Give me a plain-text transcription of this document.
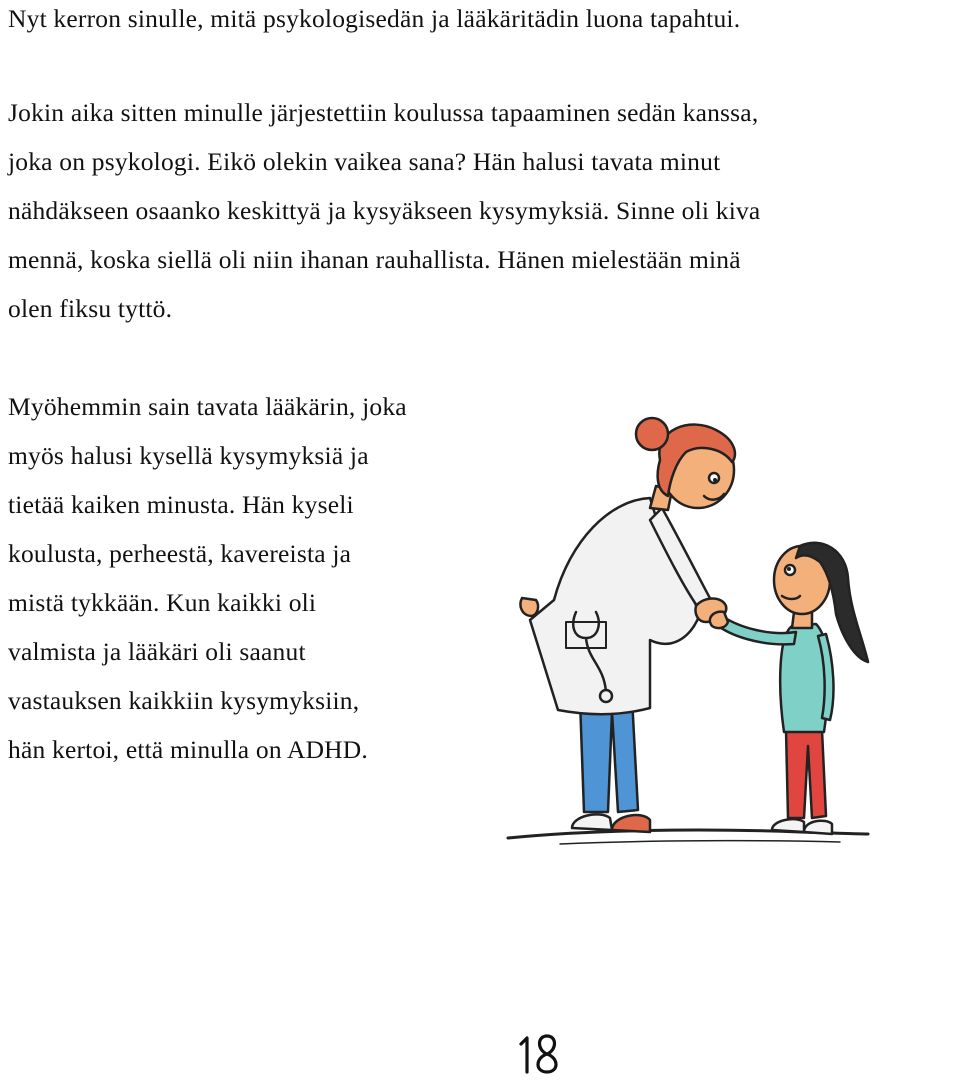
Nyt kerron sinulle, mitä psykologisedän ja lääkäritädin luona tapahtui.

Jokin aika sitten minulle järjestettiin koulussa tapaaminen sedän kanssa,
joka on psykologi. Eikö olekin vaikea sana? Hän halusi tavata minut
nähdäkseen osaanko keskittyä ja kysyäkseen kysymyksiä. Sinne oli kiva
mennä, koska siellä oli niin ihanan rauhallista. Hänen mielestään minä
olen fiksu tyttö.

Myöhemmin sain tavata lääkärin, joka
myös halusi kysellä kysymyksiä ja
tietää kaiken minusta. Hän kyseli
koulusta, perheestä, kavereista ja
mistä tykkään. Kun kaikki oli
valmista ja lääkäri oli saanut
vastauksen kaikkiin kysymyksiin,
hän kertoi, että minulla on ADHD.
